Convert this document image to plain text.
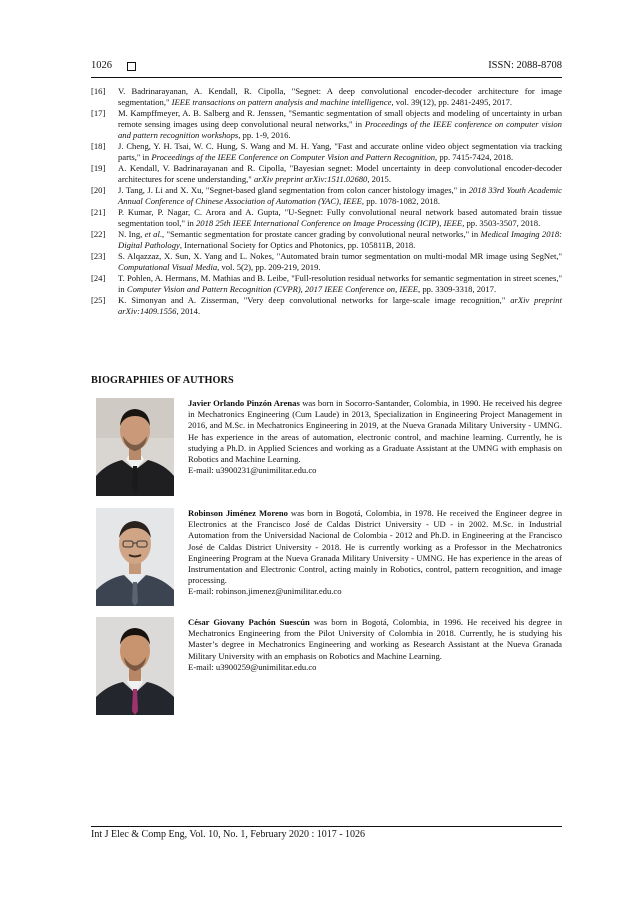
1026	ISSN: 2088-8708

[16] V. Badrinarayanan, A. Kendall, R. Cipolla, "Segnet: A deep convolutional encoder-decoder architecture for image segmentation," IEEE transactions on pattern analysis and machine intelligence, vol. 39(12), pp. 2481-2495, 2017.

[17] M. Kampffmeyer, A. B. Salberg and R. Jenssen, "Semantic segmentation of small objects and modeling of uncertainty in urban remote sensing images using deep convolutional neural networks," in Proceedings of the IEEE conference on computer vision and pattern recognition workshops, pp. 1-9, 2016.

[18] J. Cheng, Y. H. Tsai, W. C. Hung, S. Wang and M. H. Yang, "Fast and accurate online video object segmentation via tracking parts," in Proceedings of the IEEE Conference on Computer Vision and Pattern Recognition, pp. 7415-7424, 2018.

[19] A. Kendall, V. Badrinarayanan and R. Cipolla, "Bayesian segnet: Model uncertainty in deep convolutional encoder-decoder architectures for scene understanding," arXiv preprint arXiv:1511.02680, 2015.

[20] J. Tang, J. Li and X. Xu, "Segnet-based gland segmentation from colon cancer histology images," in 2018 33rd Youth Academic Annual Conference of Chinese Association of Automation (YAC), IEEE, pp. 1078-1082, 2018.

[21] P. Kumar, P. Nagar, C. Arora and A. Gupta, "U-Segnet: Fully convolutional neural network based automated brain tissue segmentation tool," in 2018 25th IEEE International Conference on Image Processing (ICIP), IEEE, pp. 3503-3507, 2018.

[22] N. Ing, et al., "Semantic segmentation for prostate cancer grading by convolutional neural networks," in Medical Imaging 2018: Digital Pathology, International Society for Optics and Photonics, pp. 105811B, 2018.

[23] S. Alqazzaz, X. Sun, X. Yang and L. Nokes, "Automated brain tumor segmentation on multi-modal MR image using SegNet," Computational Visual Media, vol. 5(2), pp. 209-219, 2019.

[24] T. Pohlen, A. Hermans, M. Mathias and B. Leibe, "Full-resolution residual networks for semantic segmentation in street scenes," in Computer Vision and Pattern Recognition (CVPR), 2017 IEEE Conference on, IEEE, pp. 3309-3318, 2017.

[25] K. Simonyan and A. Zisserman, "Very deep convolutional networks for large-scale image recognition," arXiv preprint arXiv:1409.1556, 2014.

BIOGRAPHIES OF AUTHORS
Javier Orlando Pinzón Arenas was born in Socorro-Santander, Colombia, in 1990. He received his degree in Mechatronics Engineering (Cum Laude) in 2013, Specialization in Engineering Project Management in 2016, and M.Sc. in Mechatronics Engineering in 2019, at the Nueva Granada Military University - UMNG. He has experience in the areas of automation, electronic control, and machine learning. Currently, he is studying a Ph.D. in Applied Sciences and working as a Graduate Assistant at the UMNG with emphasis on Robotics and Machine Learning.
E-mail: u3900231@unimilitar.edu.co
Robinson Jiménez Moreno was born in Bogotá, Colombia, in 1978. He received the Engineer degree in Electronics at the Francisco José de Caldas District University - UD - in 2002. M.Sc. in Industrial Automation from the Universidad Nacional de Colombia - 2012 and Ph.D. in Engineering at the Francisco José de Caldas District University - 2018. He is currently working as a Professor in the Mechatronics Engineering Program at the Nueva Granada Military University - UMNG. He has experience in the areas of Instrumentation and Electronic Control, acting mainly in Robotics, control, pattern recognition, and image processing.
E-mail: robinson.jimenez@unimilitar.edu.co
César Giovany Pachón Suescún was born in Bogotá, Colombia, in 1996. He received his degree in Mechatronics Engineering from the Pilot University of Colombia in 2018. Currently, he is studying his Master’s degree in Mechatronics Engineering and working as Research Assistant at the Nueva Granada Military University with an emphasis on Robotics and Machine Learning.
E-mail: u3900259@unimilitar.edu.co
Int J Elec & Comp Eng, Vol. 10, No. 1, February 2020 : 1017 - 1026
